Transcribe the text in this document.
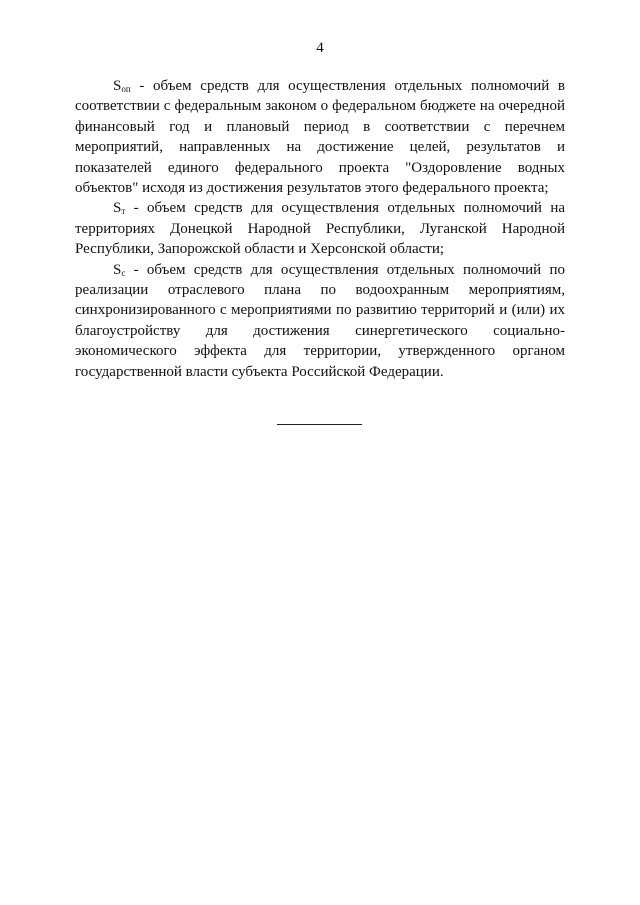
4

$S_{оп}$ - объем средств для осуществления отдельных полномочий в соответствии с федеральным законом о федеральном бюджете на очередной финансовый год и плановый период в соответствии с перечнем мероприятий, направленных на достижение целей, результатов и показателей единого федерального проекта "Оздоровление водных объектов" исходя из достижения результатов этого федерального проекта;

$S_т$ - объем средств для осуществления отдельных полномочий на территориях Донецкой Народной Республики, Луганской Народной Республики, Запорожской области и Херсонской области;

$S_с$ - объем средств для осуществления отдельных полномочий по реализации отраслевого плана по водоохранным мероприятиям, синхронизированного с мероприятиями по развитию территорий и (или) их благоустройству для достижения синергетического социально-экономического эффекта для территории, утвержденного органом государственной власти субъекта Российской Федерации.
